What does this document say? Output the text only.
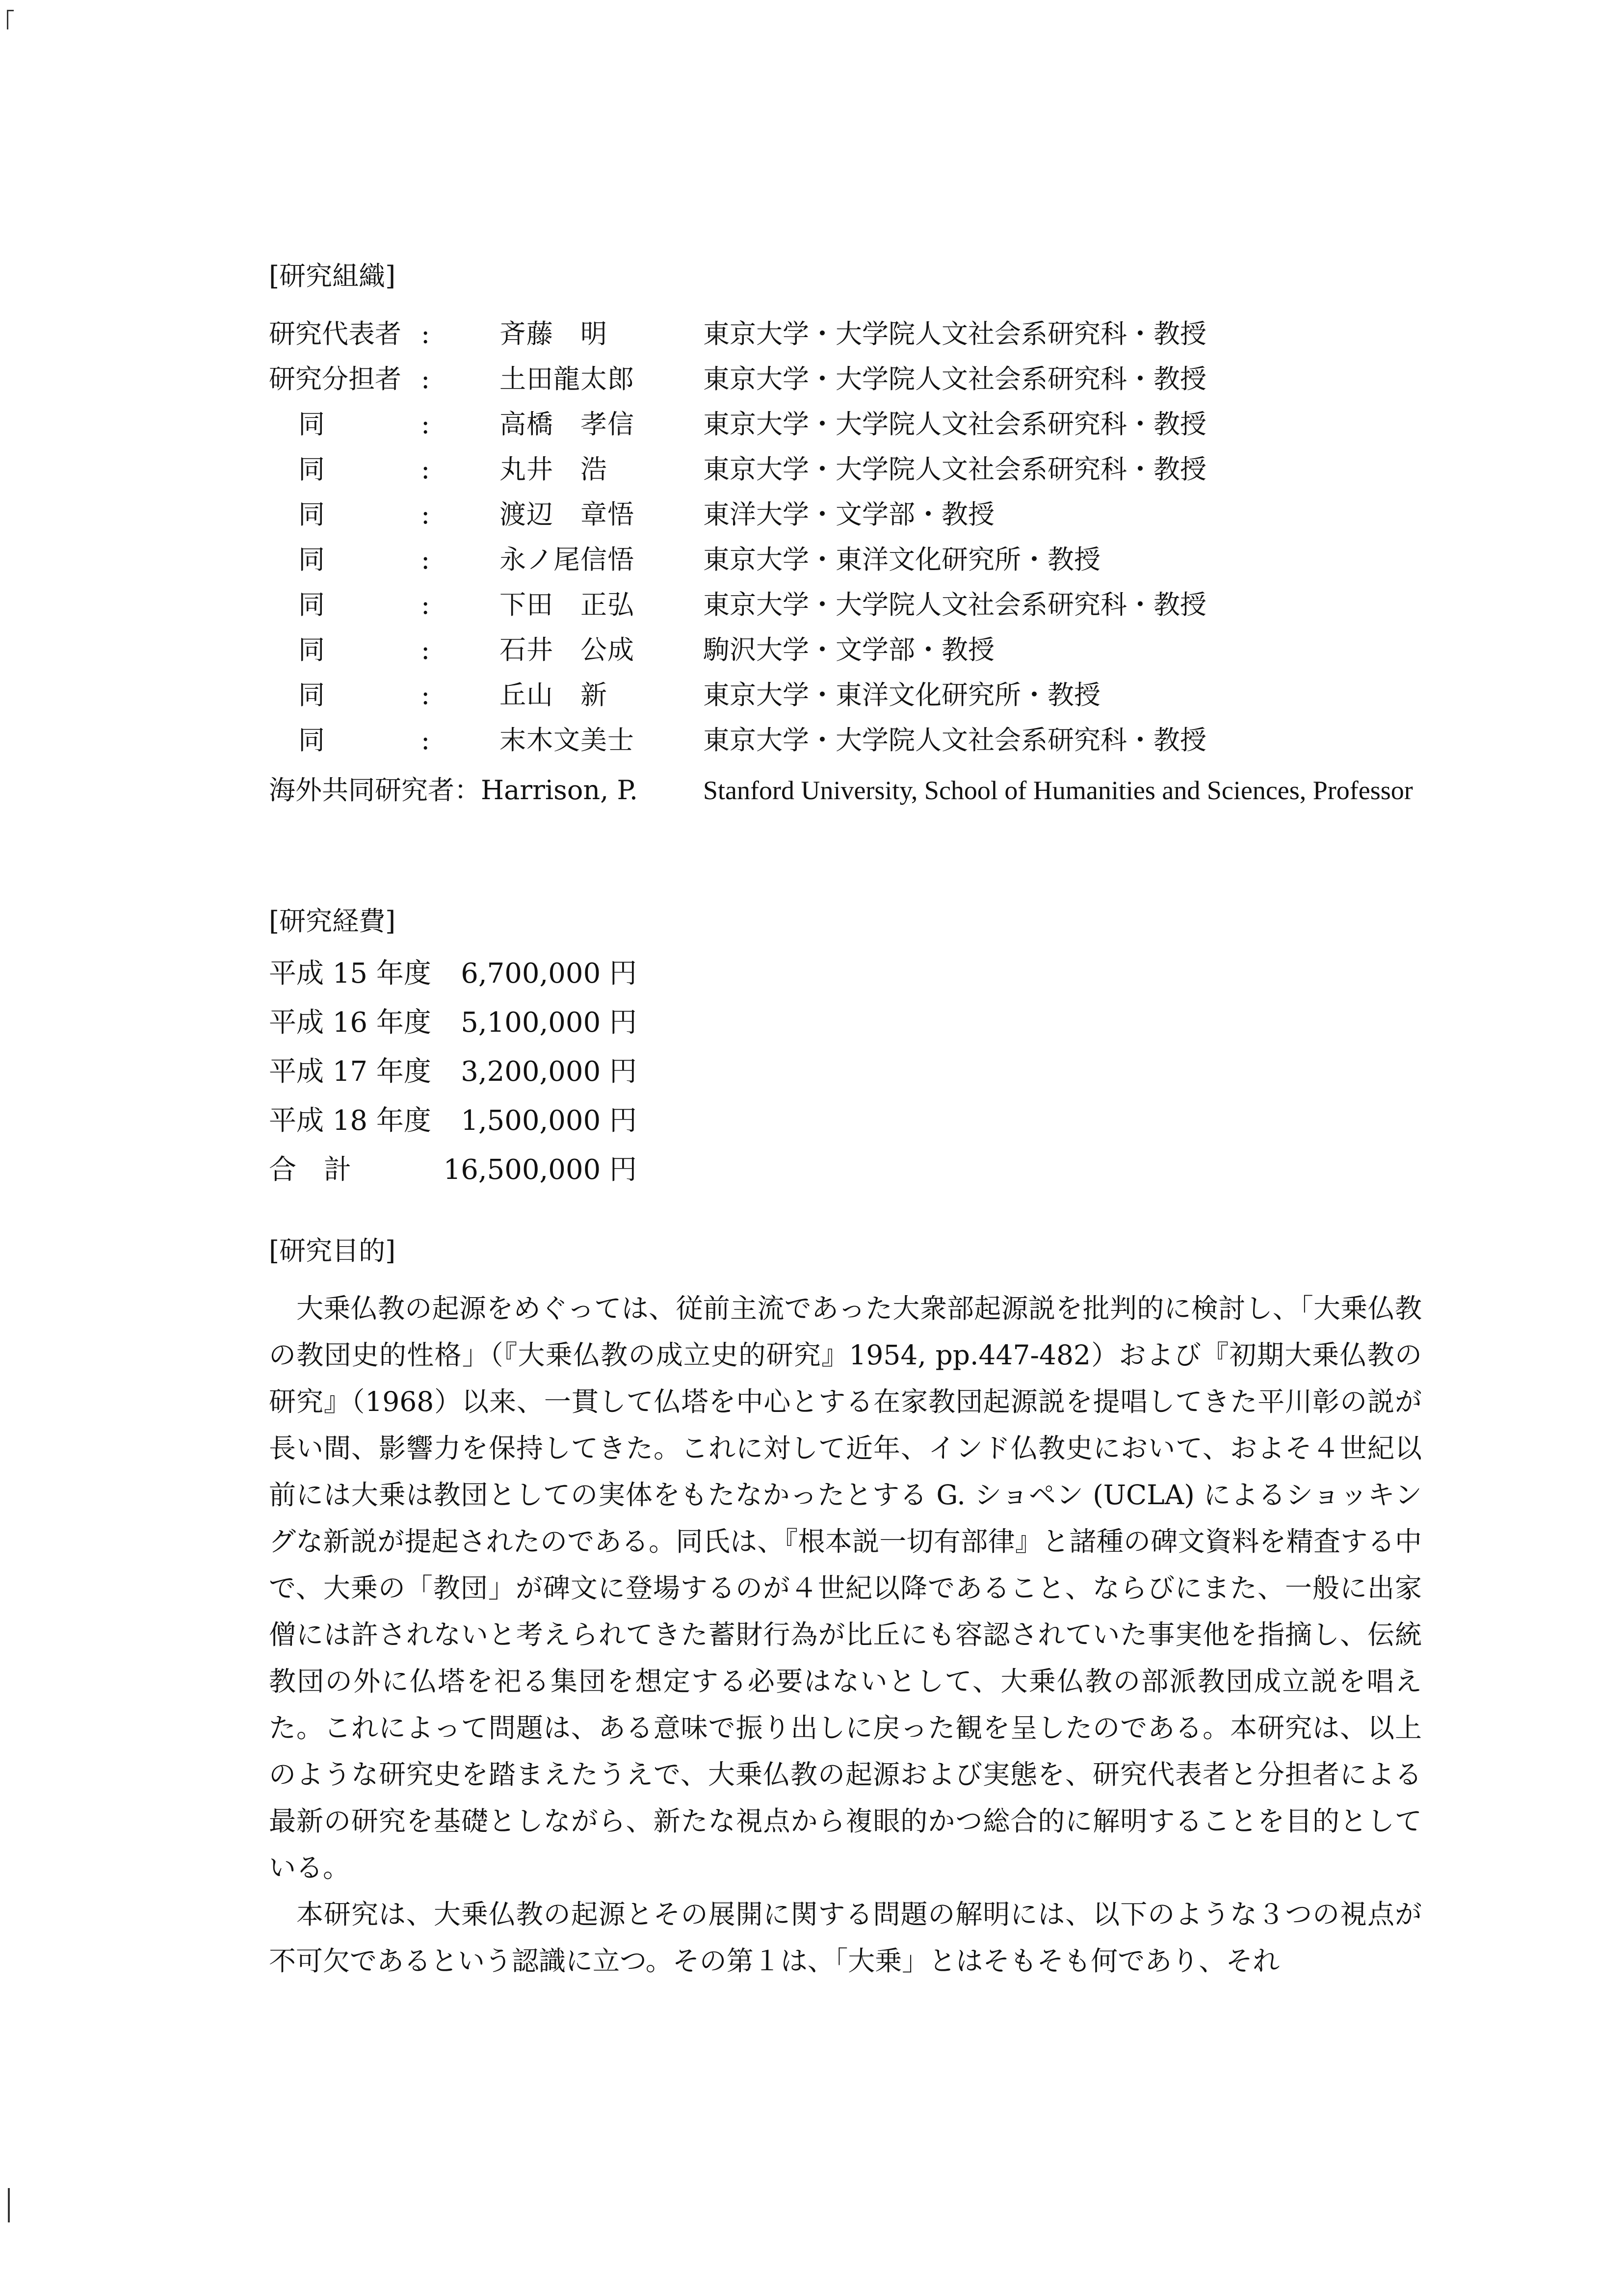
[研究組織]
研究代表者 :	斉藤　明	東京大学・大学院人文社会系研究科・教授
研究分担者 :	土田龍太郎	東京大学・大学院人文社会系研究科・教授
同	:	高橋　孝信	東京大学・大学院人文社会系研究科・教授
同	:	丸井　浩	東京大学・大学院人文社会系研究科・教授
同	:	渡辺　章悟	東洋大学・文学部・教授
同	:	永ノ尾信悟	東京大学・東洋文化研究所・教授
同	:	下田　正弘	東京大学・大学院人文社会系研究科・教授
同	:	石井　公成	駒沢大学・文学部・教授
同	:	丘山　新	東京大学・東洋文化研究所・教授
同	:	末木文美士	東京大学・大学院人文社会系研究科・教授
海外共同研究者：Harrison, P. Stanford University, School of Humanities and Sciences, Professor
[研究経費]
平成 15 年度 6,700,000 円
平成 16 年度 5,100,000 円
平成 17 年度 3,200,000 円
平成 18 年度 1,500,000 円
合　計	16,500,000 円
[研究目的]

大乗仏教の起源をめぐっては、従前主流であった大衆部起源説を批判的に検討し、「大乗仏教の教団史的性格」（『大乗仏教の成立史的研究』1954, pp.447-482）および『初期大乗仏教の研究』（1968）以来、一貫して仏塔を中心とする在家教団起源説を提唱してきた平川彰の説が長い間、影響力を保持してきた。これに対して近年、インド仏教史において、およそ４世紀以前には大乗は教団としての実体をもたなかったとする G. ショペン (UCLA) によるショッキングな新説が提起されたのである。同氏は、『根本説一切有部律』と諸種の碑文資料を精査する中で、大乗の「教団」が碑文に登場するのが４世紀以降であること、ならびにまた、一般に出家僧には許されないと考えられてきた蓄財行為が比丘にも容認されていた事実他を指摘し、伝統教団の外に仏塔を祀る集団を想定する必要はないとして、大乗仏教の部派教団成立説を唱えた。これによって問題は、ある意味で振り出しに戻った観を呈したのである。本研究は、以上のような研究史を踏まえたうえで、大乗仏教の起源および実態を、研究代表者と分担者による最新の研究を基礎としながら、新たな視点から複眼的かつ総合的に解明することを目的としている。

本研究は、大乗仏教の起源とその展開に関する問題の解明には、以下のような３つの視点が不可欠であるという認識に立つ。その第１は、「大乗」とはそもそも何であり、それ
